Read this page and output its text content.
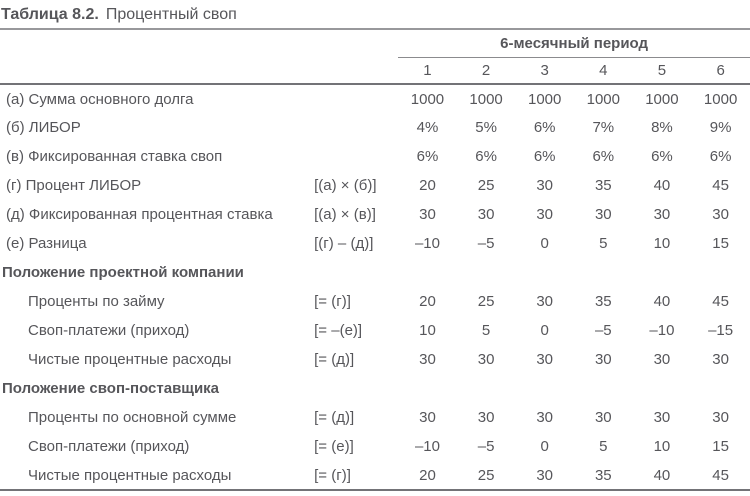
Таблица 8.2. Процентный своп
		6-месячный период					
		1	2	3	4	5	6
(а) Сумма основного долга		1000	1000	1000	1000	1000	1000
(б) ЛИБОР		4%	5%	6%	7%	8%	9%
(в) Фиксированная ставка своп		6%	6%	6%	6%	6%	6%
(г) Процент ЛИБОР	[(а) × (б)]	20	25	30	35	40	45
(д) Фиксированная процентная ставка	[(а) × (в)]	30	30	30	30	30	30
(е) Разница	[(г) – (д)]	–10	–5	0	5	10	15
Положение проектной компании							
Проценты по займу	[= (г)]	20	25	30	35	40	45
Своп-платежи (приход)	[= –(е)]	10	5	0	–5	–10	–15
Чистые процентные расходы	[= (д)]	30	30	30	30	30	30
Положение своп-поставщика							
Проценты по основной сумме	[= (д)]	30	30	30	30	30	30
Своп-платежи (приход)	[= (е)]	–10	–5	0	5	10	15
Чистые процентные расходы	[= (г)]	20	25	30	35	40	45
